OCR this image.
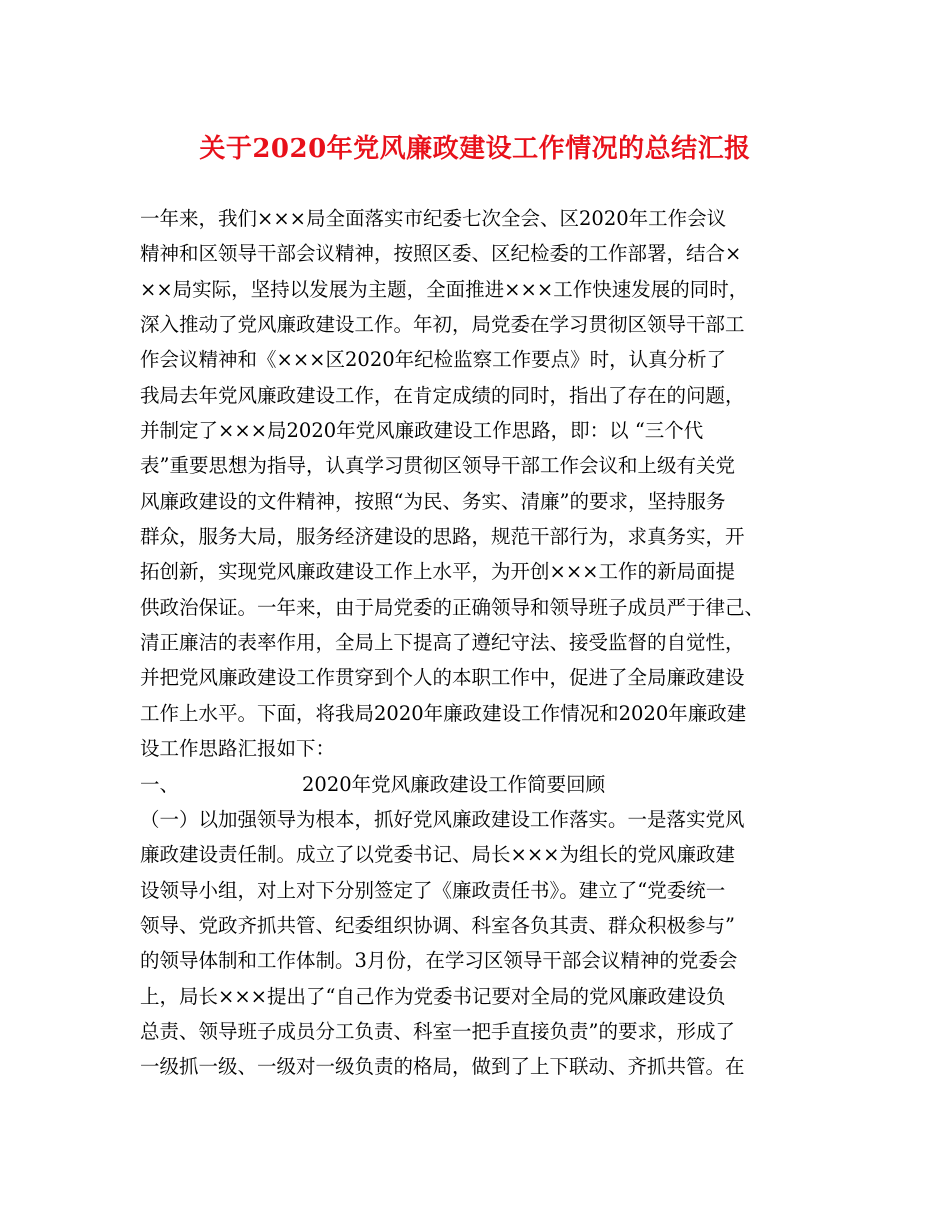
关于2020年党风廉政建设工作情况的总结汇报
一年来，我们×××局全面落实市纪委七次全会、区2020年工作会议
精神和区领导干部会议精神，按照区委、区纪检委的工作部署，结合×
××局实际，坚持以发展为主题，全面推进×××工作快速发展的同时，
深入推动了党风廉政建设工作。年初，局党委在学习贯彻区领导干部工
作会议精神和《×××区2020年纪检监察工作要点》时，认真分析了
我局去年党风廉政建设工作，在肯定成绩的同时，指出了存在的问题，
并制定了×××局2020年党风廉政建设工作思路，即：以 “三个代
表”重要思想为指导，认真学习贯彻区领导干部工作会议和上级有关党
风廉政建设的文件精神，按照“为民、务实、清廉”的要求，坚持服务
群众，服务大局，服务经济建设的思路，规范干部行为，求真务实，开
拓创新，实现党风廉政建设工作上水平，为开创×××工作的新局面提
供政治保证。一年来，由于局党委的正确领导和领导班子成员严于律己、
清正廉洁的表率作用，全局上下提高了遵纪守法、接受监督的自觉性，
并把党风廉政建设工作贯穿到个人的本职工作中，促进了全局廉政建设
工作上水平。下面，将我局2020年廉政建设工作情况和2020年廉政建
设工作思路汇报如下：
一、	2020年党风廉政建设工作简要回顾
（一）以加强领导为根本，抓好党风廉政建设工作落实。一是落实党风
廉政建设责任制。成立了以党委书记、局长×××为组长的党风廉政建
设领导小组，对上对下分别签定了《廉政责任书》。建立了“党委统一
领导、党政齐抓共管、纪委组织协调、科室各负其责、群众积极参与”
的领导体制和工作体制。3月份，在学习区领导干部会议精神的党委会
上，局长×××提出了“自己作为党委书记要对全局的党风廉政建设负
总责、领导班子成员分工负责、科室一把手直接负责”的要求，形成了
一级抓一级、一级对一级负责的格局，做到了上下联动、齐抓共管。在
